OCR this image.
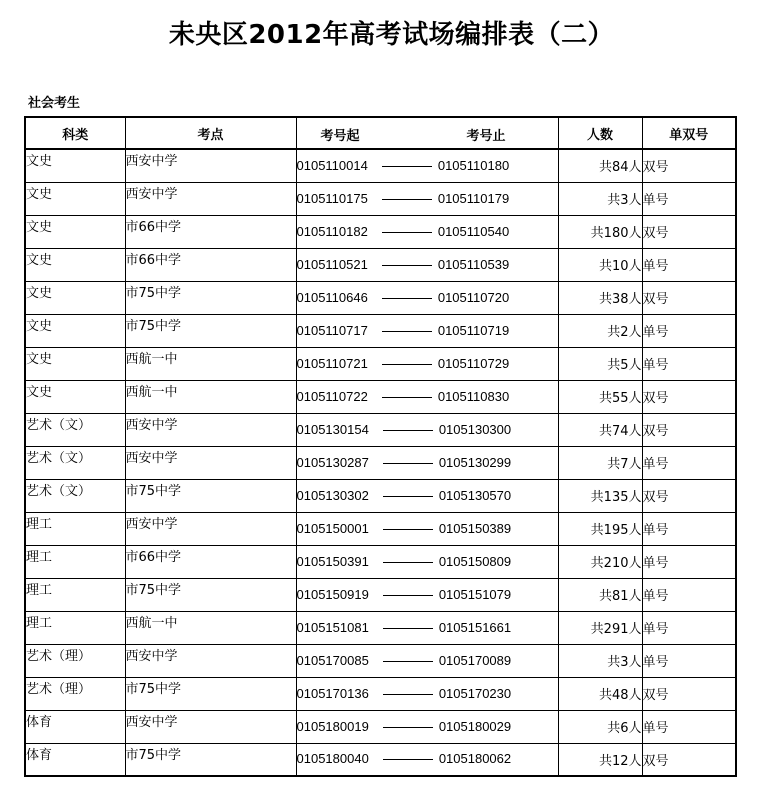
未央区2012年高考试场编排表（二）
社会考生
科类	考点	考号起 考号止	人数	单双号
文史	西安中学	0105110014 0105110180	共84人	双号
文史	西安中学	0105110175 0105110179	共3人	单号
文史	市66中学	0105110182 0105110540	共180人	双号
文史	市66中学	0105110521 0105110539	共10人	单号
文史	市75中学	0105110646 0105110720	共38人	双号
文史	市75中学	0105110717 0105110719	共2人	单号
文史	西航一中	0105110721 0105110729	共5人	单号
文史	西航一中	0105110722 0105110830	共55人	双号
艺术（文）	西安中学	0105130154 0105130300	共74人	双号
艺术（文）	西安中学	0105130287 0105130299	共7人	单号
艺术（文）	市75中学	0105130302 0105130570	共135人	双号
理工	西安中学	0105150001 0105150389	共195人	单号
理工	市66中学	0105150391 0105150809	共210人	单号
理工	市75中学	0105150919 0105151079	共81人	单号
理工	西航一中	0105151081 0105151661	共291人	单号
艺术（理）	西安中学	0105170085 0105170089	共3人	单号
艺术（理）	市75中学	0105170136 0105170230	共48人	双号
体育	西安中学	0105180019 0105180029	共6人	单号
体育	市75中学	0105180040 0105180062	共12人	双号
